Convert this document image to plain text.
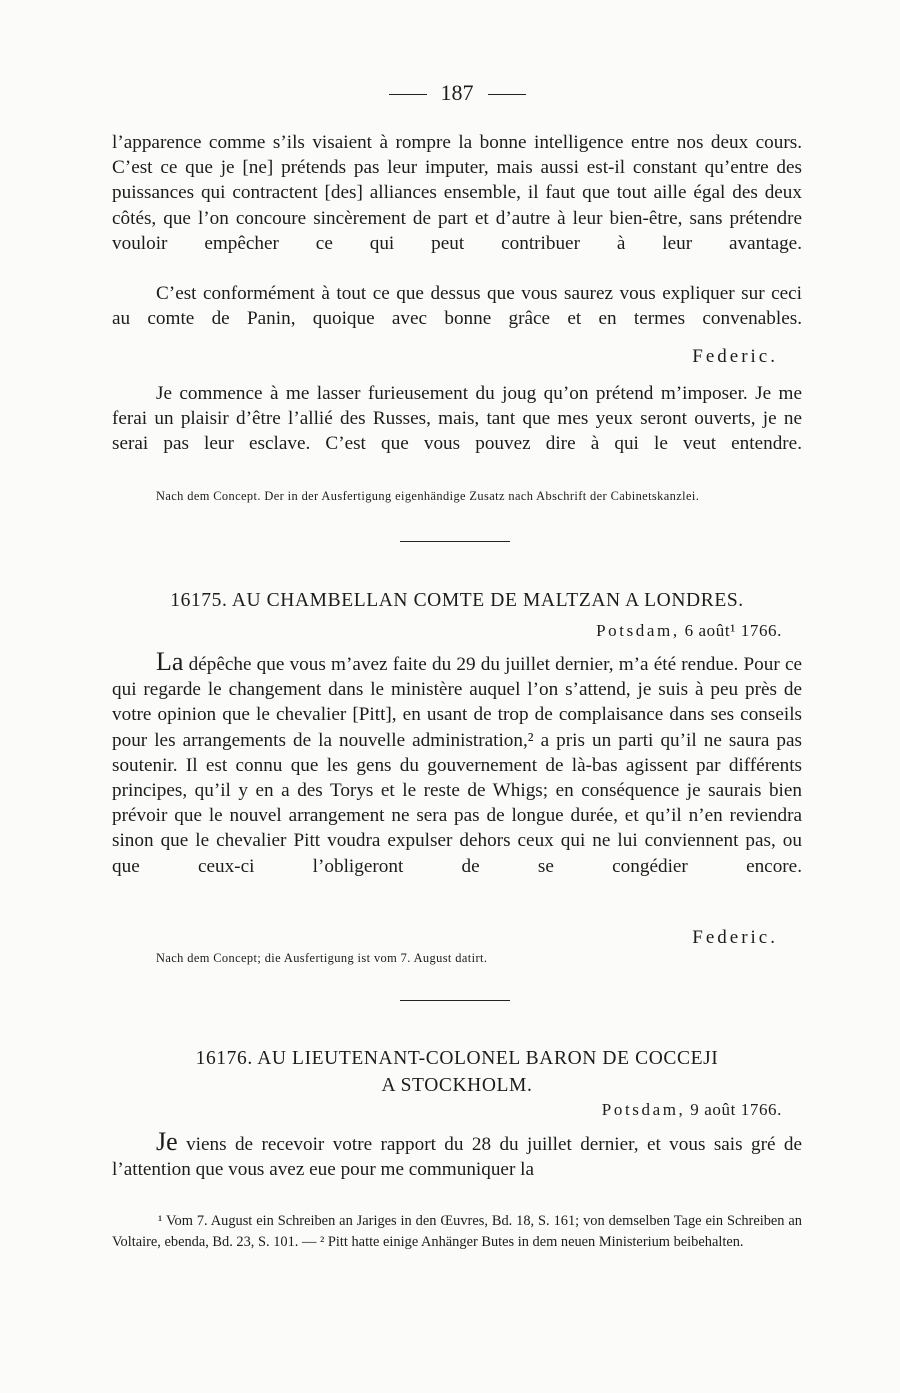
187

l’apparence comme s’ils visaient à rompre la bonne intelligence entre nos deux cours. C’est ce que je [ne] prétends pas leur imputer, mais aussi est-il constant qu’entre des puissances qui contractent [des] alliances ensemble, il faut que tout aille égal des deux côtés, que l’on concoure sincèrement de part et d’autre à leur bien-être, sans prétendre vouloir empêcher ce qui peut contribuer à leur avantage.

C’est conformément à tout ce que dessus que vous saurez vous expliquer sur ceci au comte de Panin, quoique avec bonne grâce et en termes convenables.

Federic.

Je commence à me lasser furieusement du joug qu’on prétend m’imposer. Je me ferai un plaisir d’être l’allié des Russes, mais, tant que mes yeux seront ouverts, je ne serai pas leur esclave. C’est que vous pouvez dire à qui le veut entendre.

Nach dem Concept. Der in der Ausfertigung eigenhändige Zusatz nach Abschrift der Cabinetskanzlei.

16175. AU CHAMBELLAN COMTE DE MALTZAN A LONDRES.
Potsdam, 6 août¹ 1766.

La dépêche que vous m’avez faite du 29 du juillet dernier, m’a été rendue. Pour ce qui regarde le changement dans le ministère auquel l’on s’attend, je suis à peu près de votre opinion que le chevalier [Pitt], en usant de trop de complaisance dans ses conseils pour les arrangements de la nouvelle administration,² a pris un parti qu’il ne saura pas soutenir. Il est connu que les gens du gouvernement de là-bas agissent par différents principes, qu’il y en a des Torys et le reste de Whigs; en conséquence je saurais bien prévoir que le nouvel arrangement ne sera pas de longue durée, et qu’il n’en reviendra sinon que le chevalier Pitt voudra expulser dehors ceux qui ne lui conviennent pas, ou que ceux-ci l’obligeront de se congédier encore.

Federic.

Nach dem Concept; die Ausfertigung ist vom 7. August datirt.

16176. AU LIEUTENANT-COLONEL BARON DE COCCEJI
A STOCKHOLM.
Potsdam, 9 août 1766.

Je viens de recevoir votre rapport du 28 du juillet dernier, et vous sais gré de l’attention que vous avez eue pour me communiquer la

¹ Vom 7. August ein Schreiben an Jariges in den Œuvres, Bd. 18, S. 161; von demselben Tage ein Schreiben an Voltaire, ebenda, Bd. 23, S. 101. — ² Pitt hatte einige Anhänger Butes in dem neuen Ministerium beibehalten.
